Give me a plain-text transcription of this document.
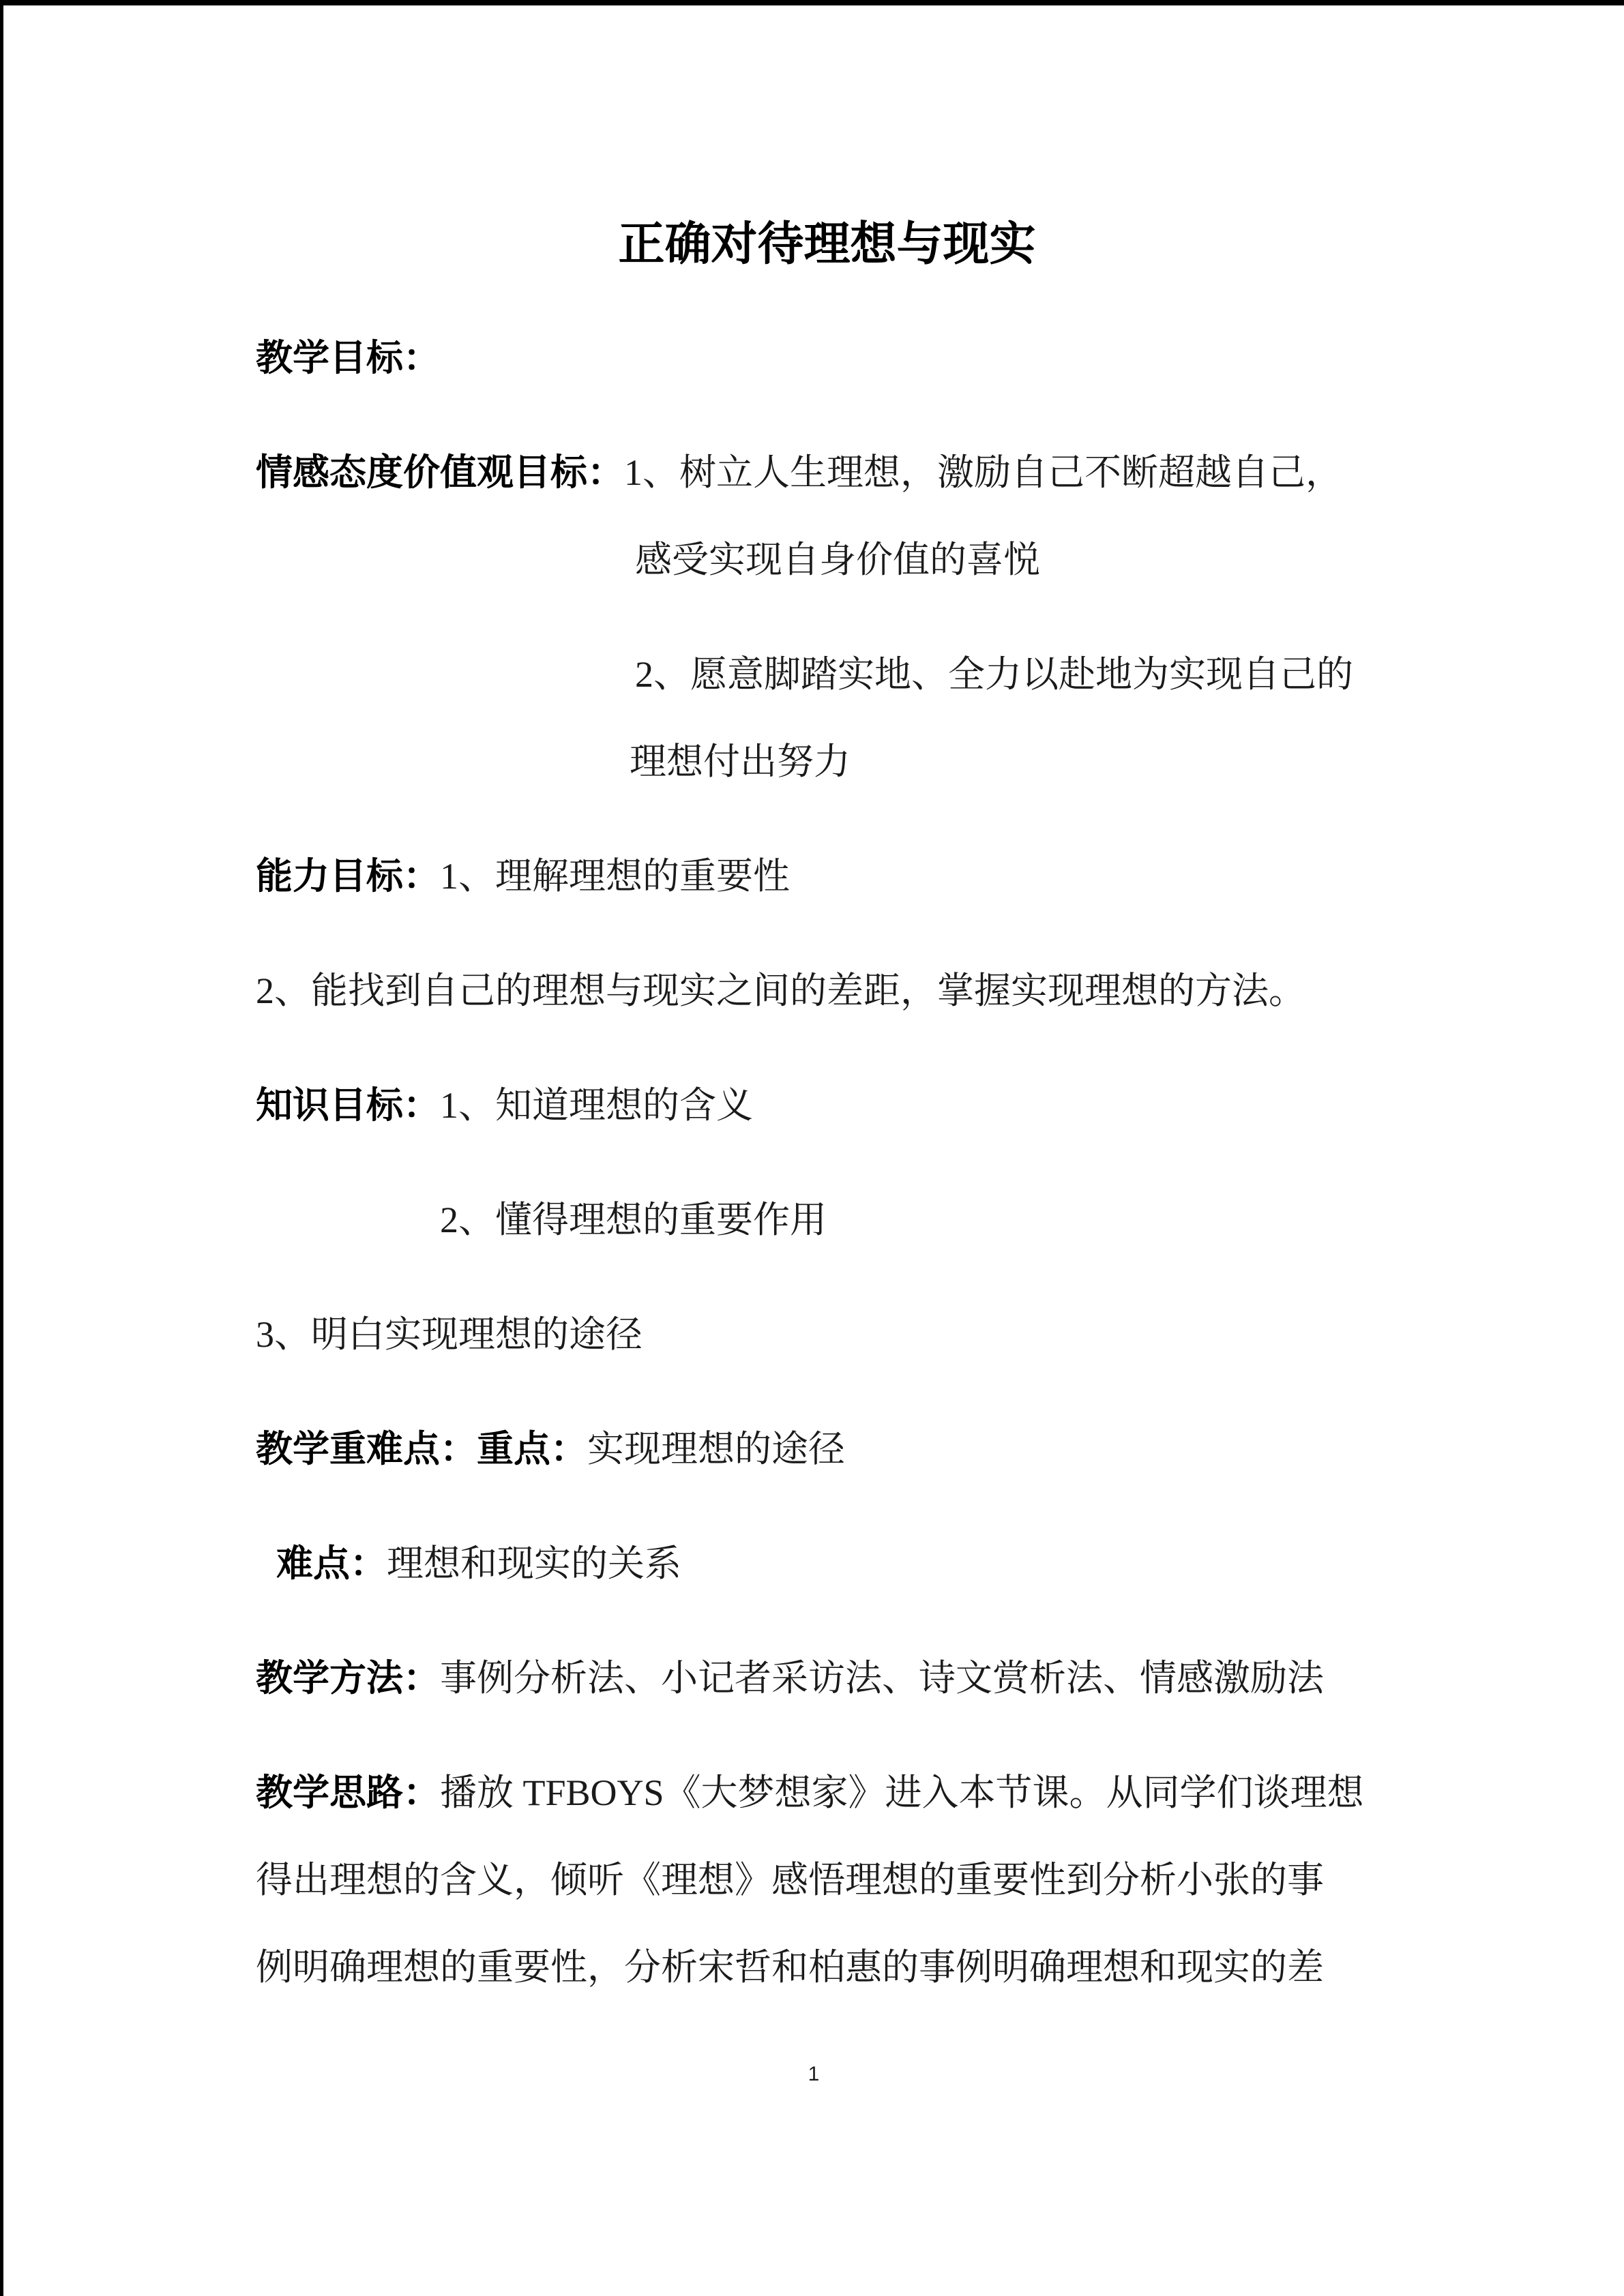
正确对待理想与现实
教学目标：
情感态度价值观目标：1、树立人生理想，激励自己不断超越自己，
感受实现自身价值的喜悦
2、愿意脚踏实地、全力以赴地为实现自己的
理想付出努力
能力目标：1、理解理想的重要性
2、能找到自己的理想与现实之间的差距，掌握实现理想的方法。
知识目标：1、知道理想的含义
2、懂得理想的重要作用
3、明白实现理想的途径
教学重难点：重点：实现理想的途径
难点：理想和现实的关系
教学方法：事例分析法、小记者采访法、诗文赏析法、情感激励法
教学思路：播放 TFBOYS《大梦想家》进入本节课。从同学们谈理想
得出理想的含义，倾听《理想》感悟理想的重要性到分析小张的事
例明确理想的重要性，分析宋哲和柏惠的事例明确理想和现实的差
1
